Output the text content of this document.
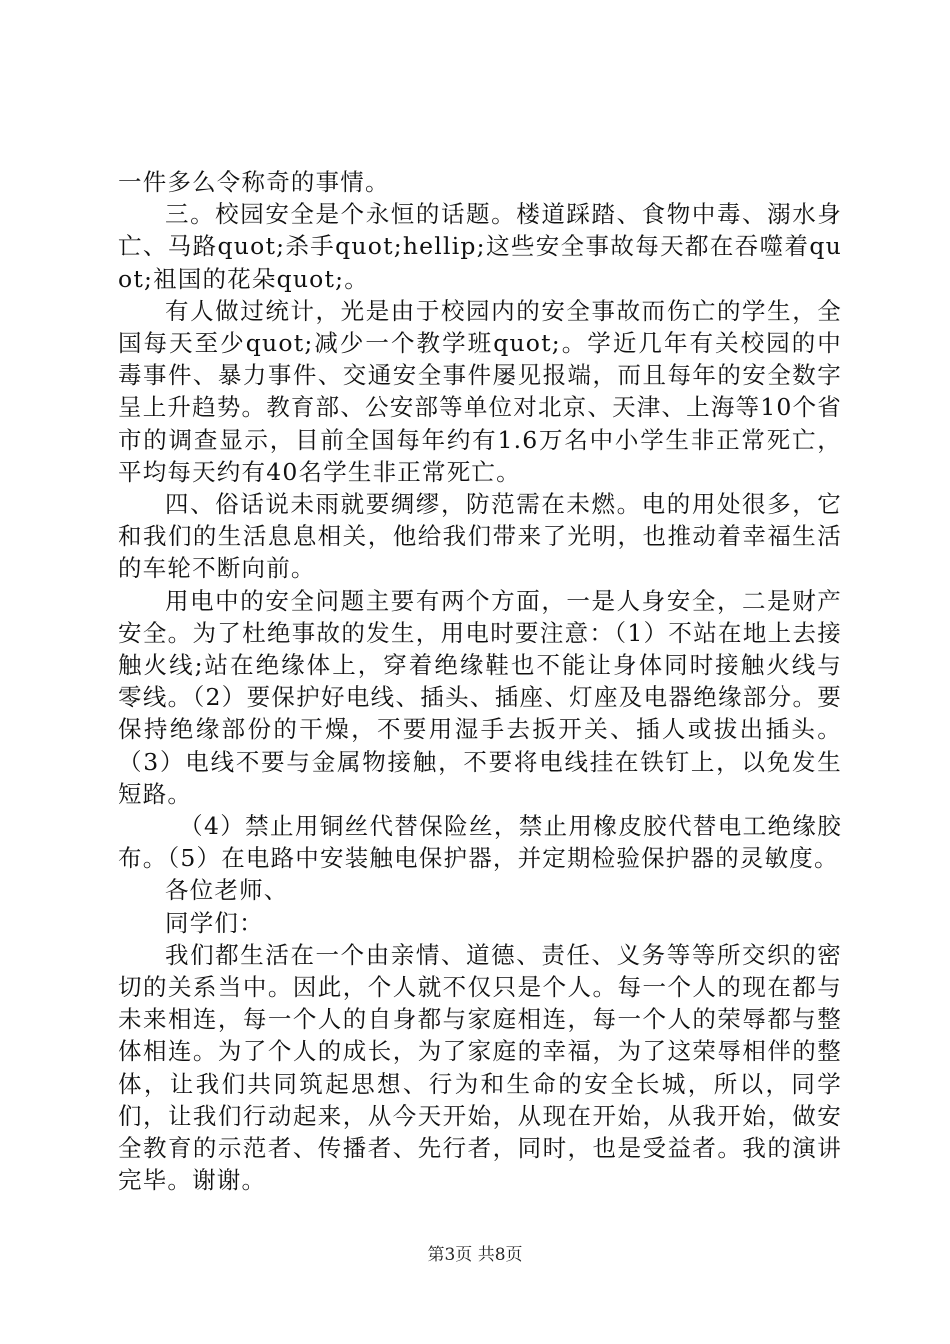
一件多么令称奇的事情。

三。校园安全是个永恒的话题。楼道踩踏、食物中毒、溺水身亡、马路quot;杀手quot;hellip;这些安全事故每天都在吞噬着quot;祖国的花朵quot;。

有人做过统计，光是由于校园内的安全事故而伤亡的学生，全国每天至少quot;减少一个教学班quot;。学近几年有关校园的中毒事件、暴力事件、交通安全事件屡见报端，而且每年的安全数字呈上升趋势。教育部、公安部等单位对北京、天津、上海等10个省市的调查显示，目前全国每年约有1.6万名中小学生非正常死亡，平均每天约有40名学生非正常死亡。

四、俗话说未雨就要绸缪，防范需在未燃。电的用处很多，它和我们的生活息息相关，他给我们带来了光明，也推动着幸福生活的车轮不断向前。

用电中的安全问题主要有两个方面，一是人身安全，二是财产安全。为了杜绝事故的发生，用电时要注意：（1）不站在地上去接触火线;站在绝缘体上，穿着绝缘鞋也不能让身体同时接触火线与零线。（2）要保护好电线、插头、插座、灯座及电器绝缘部分。要保持绝缘部份的干燥，不要用湿手去扳开关、插人或拔出插头。（3）电线不要与金属物接触，不要将电线挂在铁钉上，以免发生短路。

（4）禁止用铜丝代替保险丝，禁止用橡皮胶代替电工绝缘胶布。（5）在电路中安装触电保护器，并定期检验保护器的灵敏度。

各位老师、

同学们：

我们都生活在一个由亲情、道德、责任、义务等等所交织的密切的关系当中。因此，个人就不仅只是个人。每一个人的现在都与未来相连，每一个人的自身都与家庭相连，每一个人的荣辱都与整体相连。为了个人的成长，为了家庭的幸福，为了这荣辱相伴的整体，让我们共同筑起思想、行为和生命的安全长城，所以，同学们，让我们行动起来，从今天开始，从现在开始，从我开始，做安全教育的示范者、传播者、先行者，同时，也是受益者。我的演讲完毕。谢谢。

第3页 共8页
